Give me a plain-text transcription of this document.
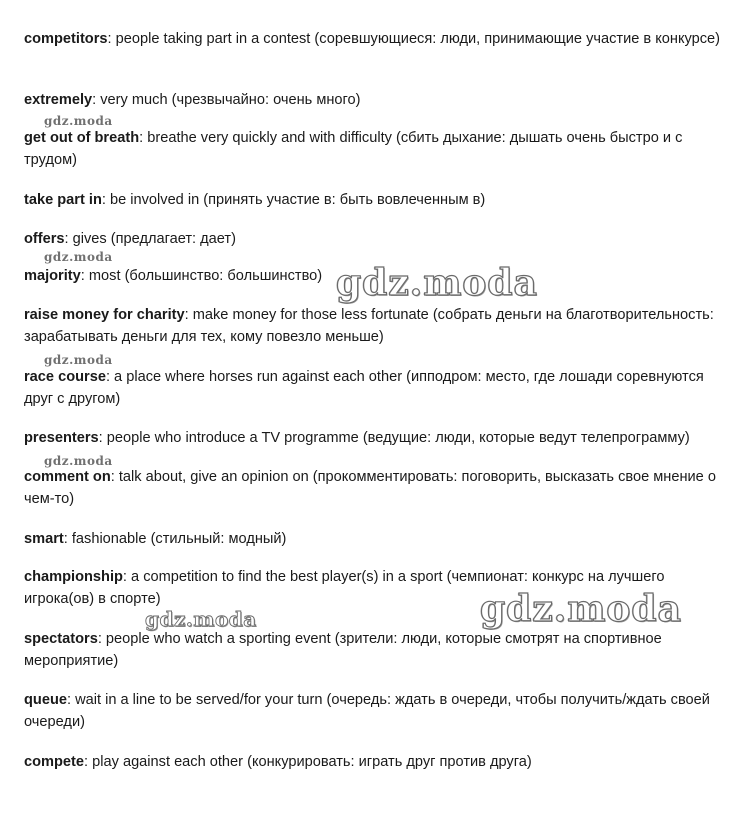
competitors: people taking part in a contest (соревшующиеся: люди, принимающие участие в конкурсе)
extremely: very much (чрезвычайно: очень много)
get out of breath: breathe very quickly and with difficulty (сбить дыхание: дышать очень быстро и с трудом)
take part in: be involved in (принять участие в: быть вовлеченным в)
offers: gives (предлагает: дает)
majority: most (большинство: большинство)
raise money for charity: make money for those less fortunate (собрать деньги на благотворительность: зарабатывать деньги для тех, кому повезло меньше)
race course: a place where horses run against each other (ипподром: место, где лошади соревнуются друг с другом)
presenters: people who introduce a TV programme (ведущие: люди, которые ведут телепрограмму)
comment on: talk about, give an opinion on (прокомментировать: поговорить, высказать свое мнение о чем-то)
smart: fashionable (стильный: модный)
championship: a competition to find the best player(s) in a sport (чемпионат: конкурс на лучшего игрока(ов) в спорте)
spectators: people who watch a sporting event (зрители: люди, которые смотрят на спортивное мероприятие)
queue: wait in a line to be served/for your turn (очередь: ждать в очереди, чтобы получить/ждать своей очереди)
compete: play against each other (конкурировать: играть друг против друга)
gdz.moda
gdz.moda
gdz.moda
gdz.moda
gdz.moda
gdz.moda
gdz.moda
